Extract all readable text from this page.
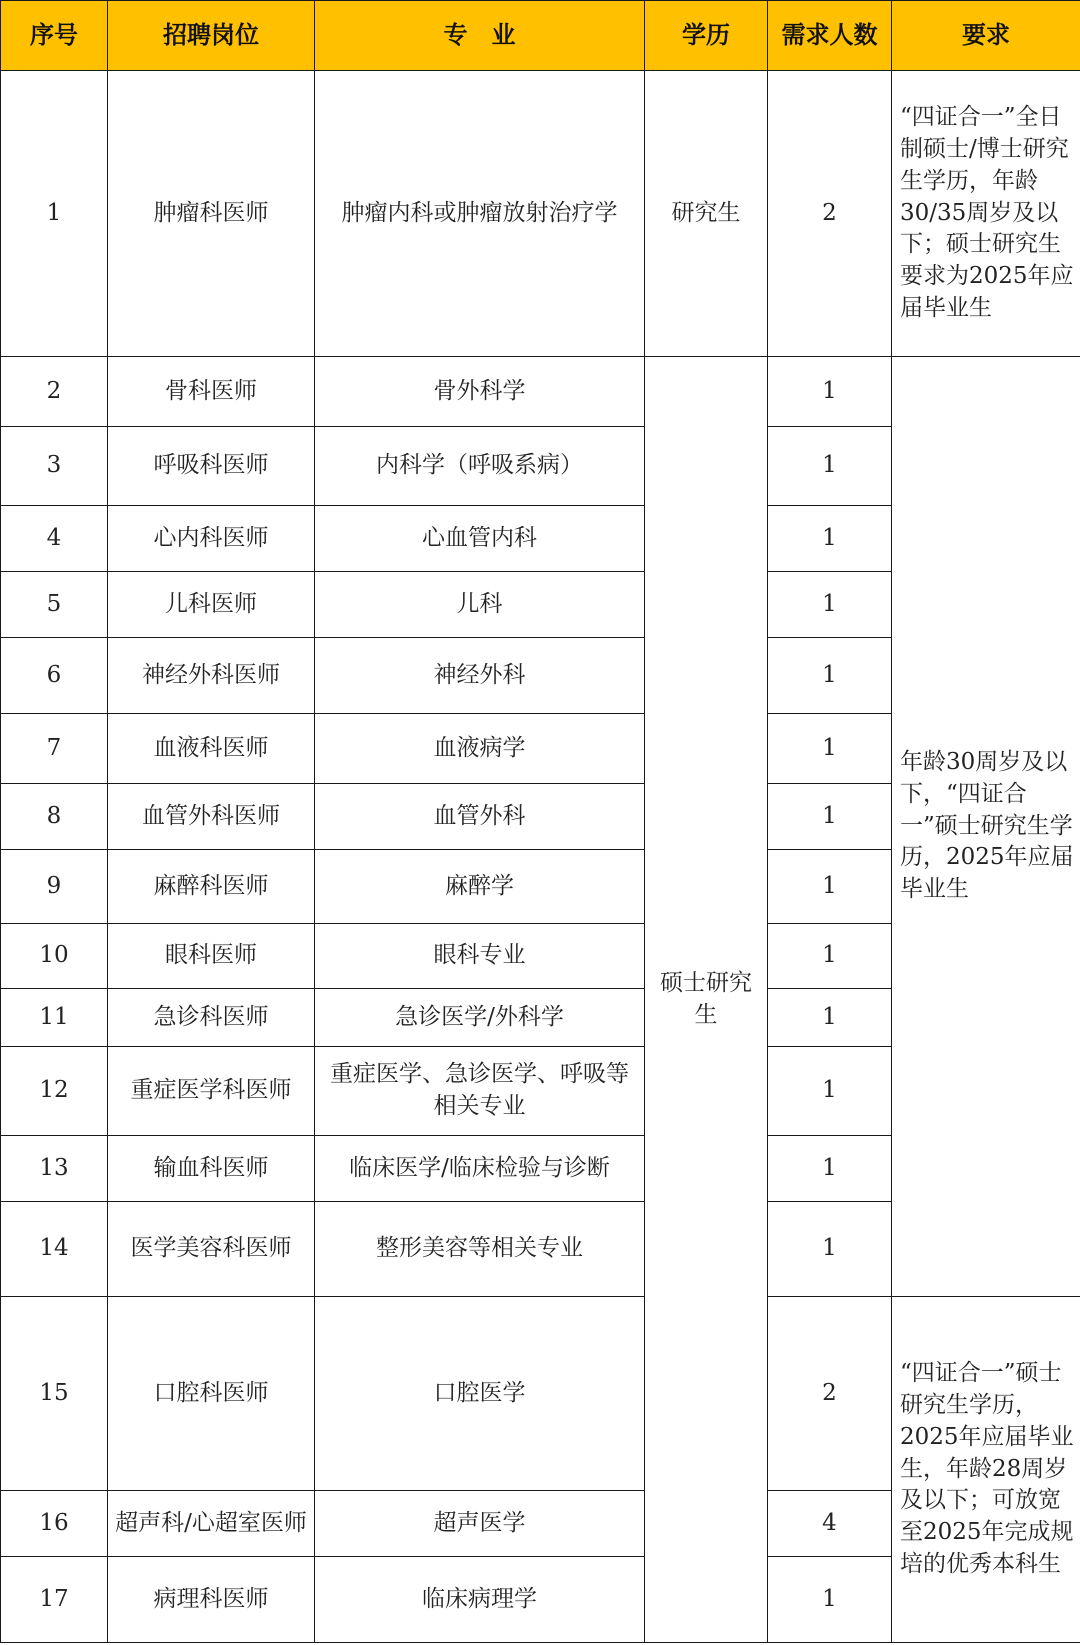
序号	招聘岗位	专　业	学历	需求人数	要求
1	肿瘤科医师	肿瘤内科或肿瘤放射治疗学	研究生	2	“四证合一”全日制硕士/博士研究生学历，年龄30/35周岁及以下；硕士研究生要求为2025年应届毕业生
2	骨科医师	骨外科学	硕士研究生	1	年龄30周岁及以下，“四证合一”硕士研究生学历，2025年应届毕业生
3	呼吸科医师	内科学（呼吸系病）		1	
4	心内科医师	心血管内科		1	
5	儿科医师	儿科		1	
6	神经外科医师	神经外科		1	
7	血液科医师	血液病学		1	
8	血管外科医师	血管外科		1	
9	麻醉科医师	麻醉学		1	
10	眼科医师	眼科专业		1	
11	急诊科医师	急诊医学/外科学		1	
12	重症医学科医师	重症医学、急诊医学、呼吸等相关专业		1	
13	输血科医师	临床医学/临床检验与诊断		1	
14	医学美容科医师	整形美容等相关专业		1	
15	口腔科医师	口腔医学		2	“四证合一”硕士研究生学历，2025年应届毕业生，年龄28周岁及以下；可放宽至2025年完成规培的优秀本科生
16	超声科/心超室医师	超声医学		4	
17	病理科医师	临床病理学		1	
